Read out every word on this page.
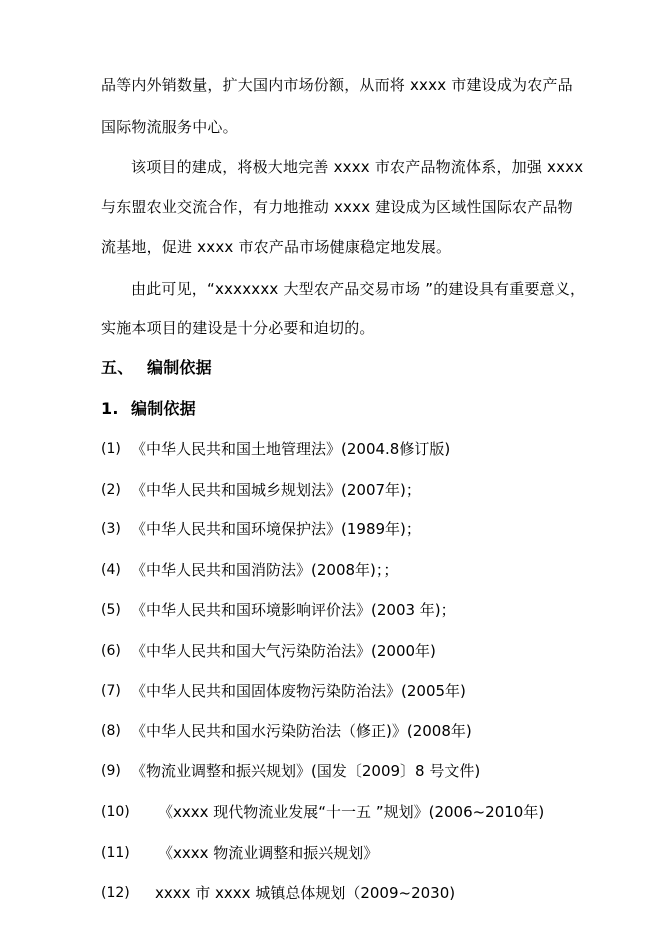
品等内外销数量，扩大国内市场份额，从而将 xxxx 市建设成为农产品
国际物流服务中心。
该项目的建成，将极大地完善 xxxx 市农产品物流体系，加强 xxxx
与东盟农业交流合作，有力地推动 xxxx 建设成为区域性国际农产品物
流基地，促进 xxxx 市农产品市场健康稳定地发展。
由此可见，“xxxxxxx 大型农产品交易市场 ”的建设具有重要意义，
实施本项目的建设是十分必要和迫切的。
五、 编制依据
1. 编制依据
(1) 《中华人民共和国土地管理法》(2004.8修订版)
(2) 《中华人民共和国城乡规划法》(2007年)；
(3) 《中华人民共和国环境保护法》(1989年)；
(4) 《中华人民共和国消防法》(2008年)；；
(5) 《中华人民共和国环境影响评价法》(2003 年)；
(6) 《中华人民共和国大气污染防治法》(2000年)
(7) 《中华人民共和国固体废物污染防治法》(2005年)
(8) 《中华人民共和国水污染防治法（修正)》(2008年)
(9) 《物流业调整和振兴规划》(国发〔2009〕8 号文件)
(10) 《xxxx 现代物流业发展“十一五 ”规划》(2006~2010年)
(11) 《xxxx 物流业调整和振兴规划》
(12) xxxx 市 xxxx 城镇总体规划（2009~2030)
